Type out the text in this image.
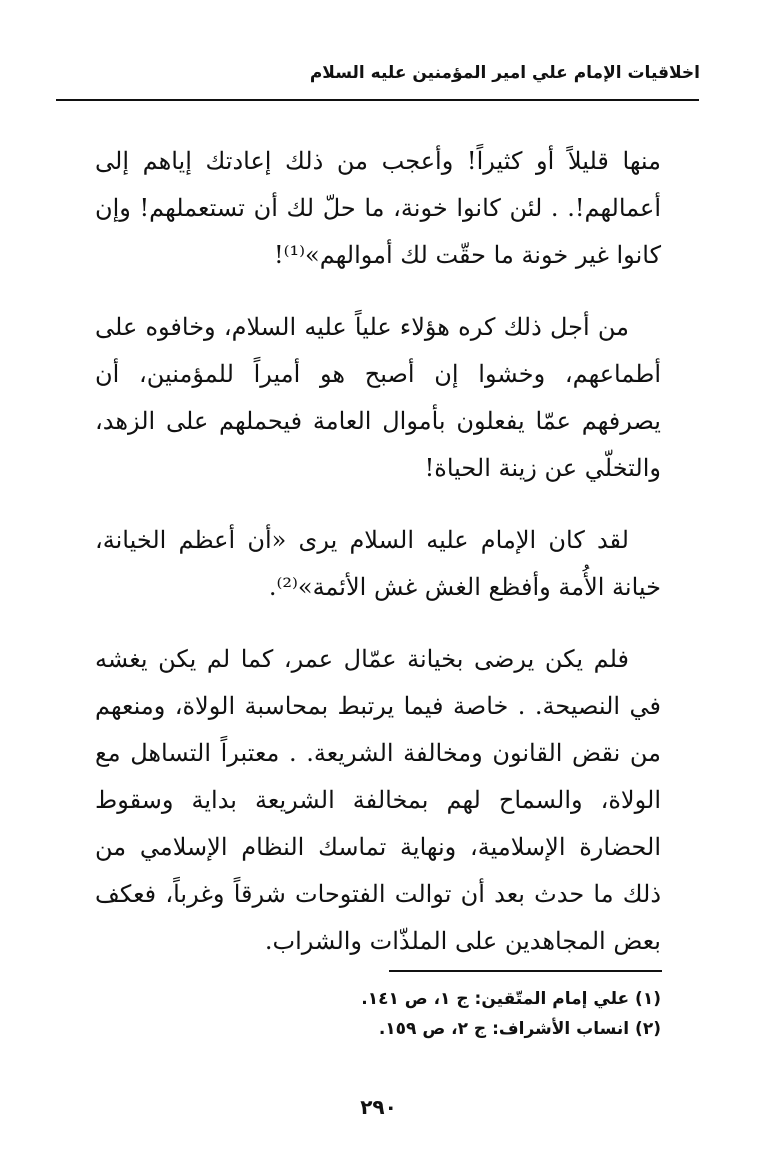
اخلاقيات الإمام علي امير المؤمنين عليه السلام

منها قليلاً أو كثيراً! وأعجب من ذلك إعادتك إياهم إلى أعمالهم!. . لئن كانوا خونة، ما حلّ لك أن تستعملهم! وإن كانوا غير خونة ما حقّت لك أموالهم»⁽¹⁾!

من أجل ذلك كره هؤلاء علياً عليه السلام، وخافوه على أطماعهم، وخشوا إن أصبح هو أميراً للمؤمنين، أن يصرفهم عمّا يفعلون بأموال العامة فيحملهم على الزهد، والتخلّي عن زينة الحياة!

لقد كان الإمام عليه السلام يرى «أن أعظم الخيانة، خيانة الأُمة وأفظع الغش غش الأئمة»⁽²⁾.

فلم يكن يرضى بخيانة عمّال عمر، كما لم يكن يغشه في النصيحة. . خاصة فيما يرتبط بمحاسبة الولاة، ومنعهم من نقض القانون ومخالفة الشريعة. . معتبراً التساهل مع الولاة، والسماح لهم بمخالفة الشريعة بداية وسقوط الحضارة الإسلامية، ونهاية تماسك النظام الإسلامي من ذلك ما حدث بعد أن توالت الفتوحات شرقاً وغرباً، فعكف بعض المجاهدين على الملذّات والشراب.

(١) علي إمام المتّقين: ج ١، ص ١٤١.
(٢) انساب الأشراف: ج ٢، ص ١٥٩.
٢٩٠
